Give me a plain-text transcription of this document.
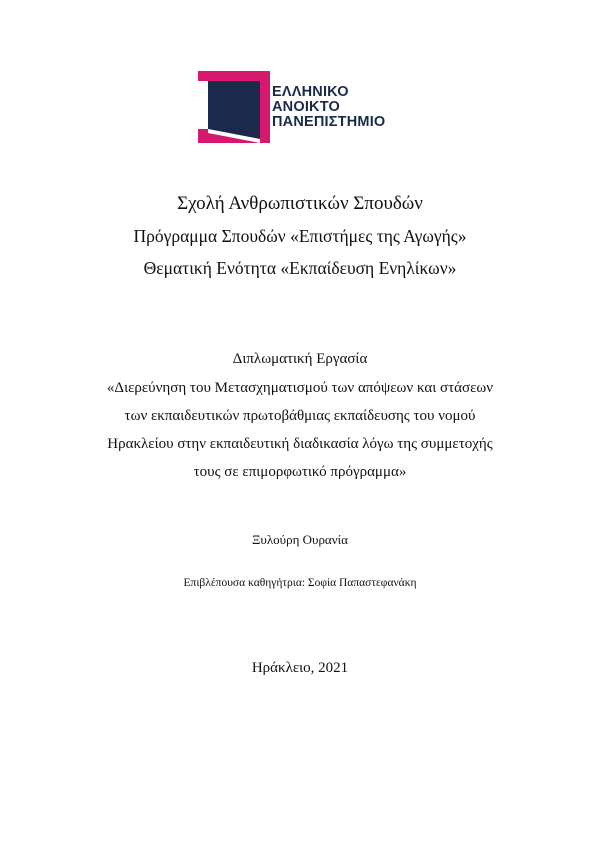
ΕΛΛΗΝΙΚΟ
ΑΝΟΙΚΤΟ
ΠΑΝΕΠΙΣΤΗΜΙΟ
Σχολή Ανθρωπιστικών Σπουδών
Πρόγραμμα Σπουδών «Επιστήμες της Αγωγής»
Θεματική Ενότητα «Εκπαίδευση Ενηλίκων»
Διπλωματική Εργασία
«Διερεύνηση του Μετασχηματισμού των απόψεων και στάσεων
των εκπαιδευτικών πρωτοβάθμιας εκπαίδευσης του νομού
Ηρακλείου στην εκπαιδευτική διαδικασία λόγω της συμμετοχής
τους σε επιμορφωτικό πρόγραμμα»
Ξυλούρη Ουρανία
Επιβλέπουσα καθηγήτρια: Σοφία Παπαστεφανάκη
Ηράκλειο, 2021
